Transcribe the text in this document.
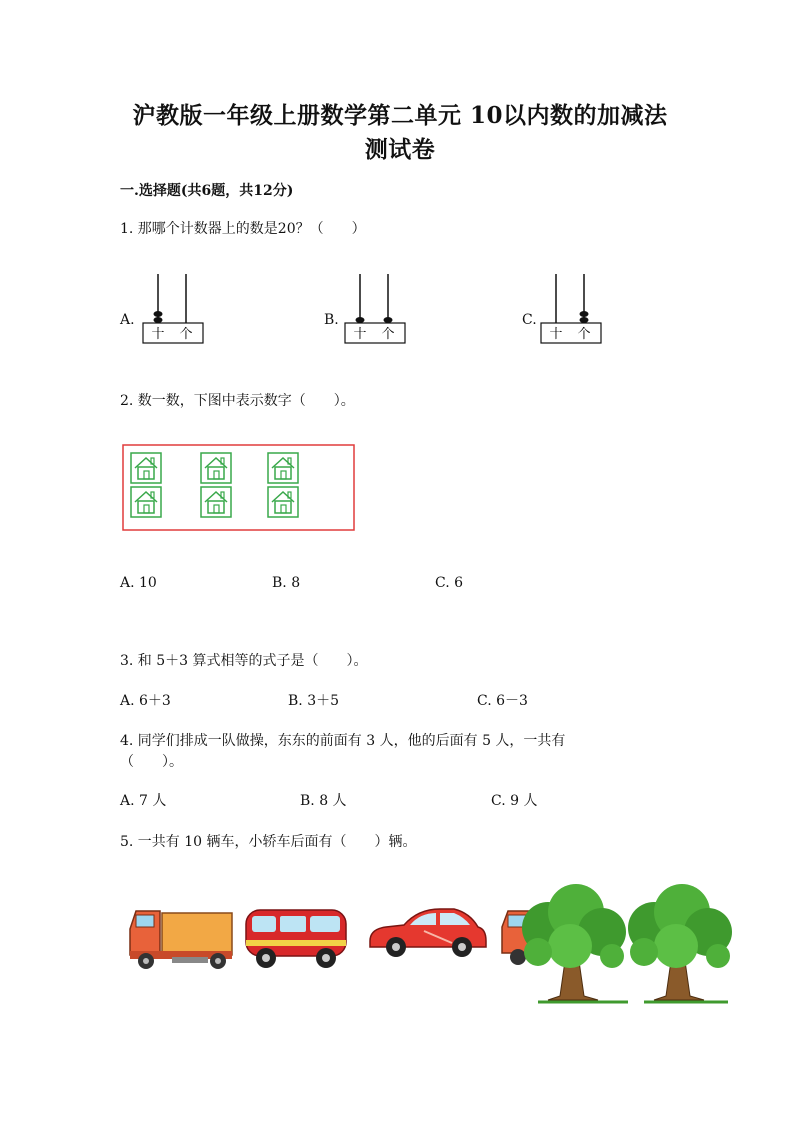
沪教版一年级上册数学第二单元 10以内数的加减法
测试卷
一.选择题(共6题，共12分)
1. 那哪个计数器上的数是20？（　　）
A.
十 个
B.
十 个
C.
十 个
2. 数一数，下图中表示数字（　　）。
A. 10	B. 8	C. 6
3. 和 5＋3 算式相等的式子是（　　）。
A. 6＋3	B. 3＋5	C. 6－3
4. 同学们排成一队做操，东东的前面有 3 人，他的后面有 5 人，一共有
（　　）。
A. 7 人	B. 8 人	C. 9 人
5. 一共有 10 辆车，小轿车后面有（　　）辆。
